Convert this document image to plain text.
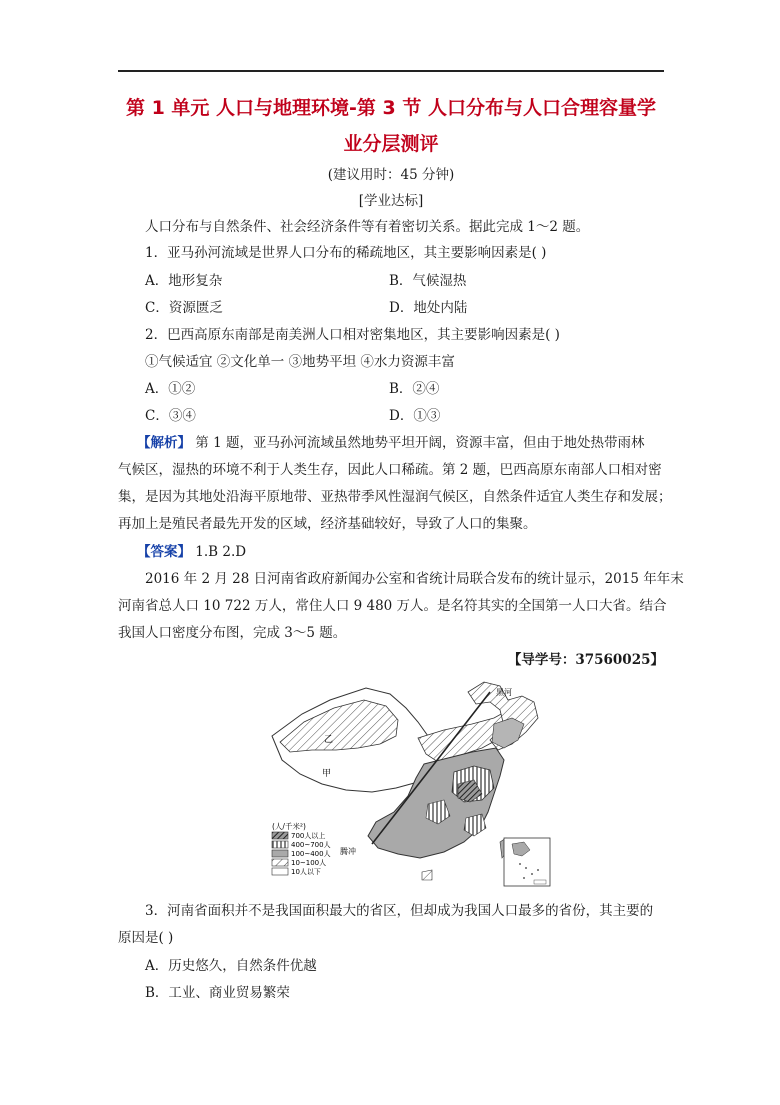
第 1 单元 人口与地理环境-第 3 节 人口分布与人口合理容量学
业分层测评
(建议用时：45 分钟)
[学业达标]
人口分布与自然条件、社会经济条件等有着密切关系。据此完成 1～2 题。
1．亚马孙河流域是世界人口分布的稀疏地区，其主要影响因素是( )
A．地形复杂	B．气候湿热
C．资源匮乏	D．地处内陆
2．巴西高原东南部是南美洲人口相对密集地区，其主要影响因素是( )
①气候适宜 ②文化单一 ③地势平坦 ④水力资源丰富
A．①②	B．②④
C．③④	D．①③
【解析】 第 1 题，亚马孙河流域虽然地势平坦开阔，资源丰富，但由于地处热带雨林
气候区，湿热的环境不利于人类生存，因此人口稀疏。第 2 题，巴西高原东南部人口相对密
集，是因为其地处沿海平原地带、亚热带季风性湿润气候区，自然条件适宜人类生存和发展；
再加上是殖民者最先开发的区域，经济基础较好，导致了人口的集聚。
【答案】 1.B 2.D
2016 年 2 月 28 日河南省政府新闻办公室和省统计局联合发布的统计显示，2015 年年末
河南省总人口 10 722 万人，常住人口 9 480 万人。是名符其实的全国第一人口大省。结合
我国人口密度分布图，完成 3～5 题。
【导学号：37560025】
黑河
乙
甲
腾冲
(人/千米²)
700人以上
400~700人
100~400人
10~100人
10人以下
3．河南省面积并不是我国面积最大的省区，但却成为我国人口最多的省份，其主要的
原因是( )
A．历史悠久，自然条件优越
B．工业、商业贸易繁荣
